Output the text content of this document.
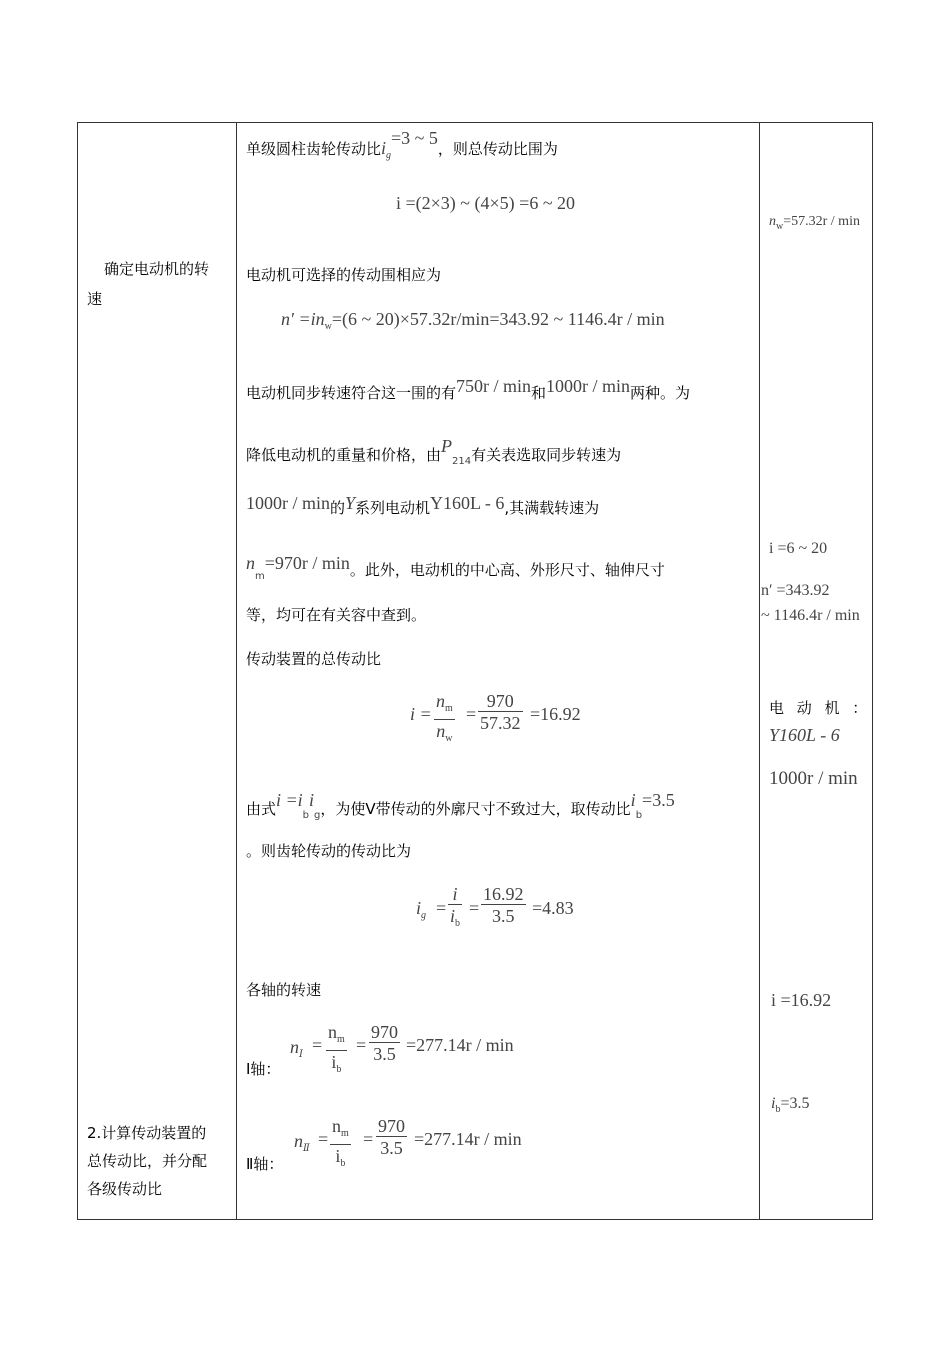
确定电动机的转
速
2.计算传动装置的
总传动比，并分配
各级传动比
单级圆柱齿轮传动比$i_g=3$ ~ 5，则总传动比围为
i =(2×3) ~ (4×5) =6 ~ 20
电动机可选择的传动围相应为
$n' =in_w=(6$ ~ 20)×57.32r/min=343.92 ~ 1146.4r / min
电动机同步转速符合这一围的有750r / min和1000r / min两种。为
降低电动机的重量和价格，由$P_{214}$有关表选取同步转速为
1000r / min的Y系列电动机Y160L - 6,其满载转速为
$n_m=970r / \min$。此外，电动机的中心高、外形尺寸、轴伸尺寸
等，均可在有关容中查到。
传动装置的总传动比
i =
$n_m$
$n_w$
=
970
57.32 =16.92
由式$i =i_bi_g$，为使Ⅴ带传动的外廓尺寸不致过大，取传动比$i_b=3.5$
。则齿轮传动的传动比为
$i_g$ =
i
$i_b$
=
16.92
3.5 =4.83
各轴的转速
$n_Ⅰ$ =
$n_m$
$i_b$
=
970
3.5 =277.14r / min
Ⅰ轴：
$n_Ⅱ$ =
$n_m$
$i_b$
=
970
3.5 =277.14r / min
Ⅱ轴：
$n_w=57.32r / \min$
i =6 ~ 20
n′ =343.92
~ 1146.4r / min
电 动 机 ：
Y160L - 6
1000r / min
i =16.92
$i_b=3.5$
